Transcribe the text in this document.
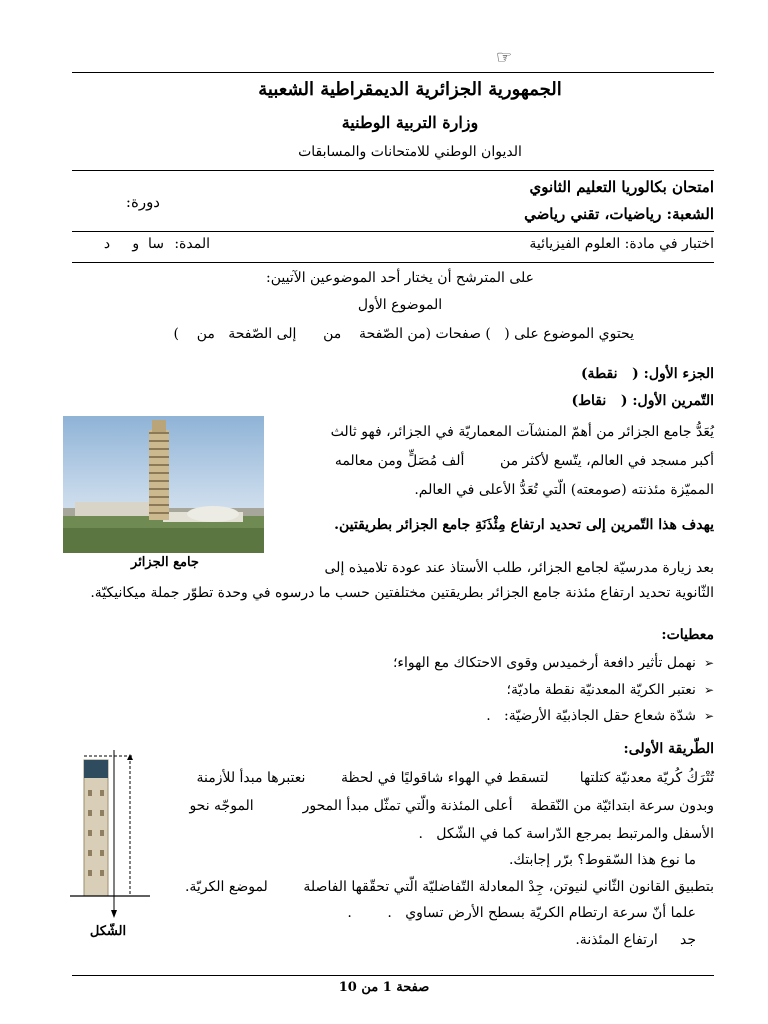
☞
الجمهورية الجزائرية الديمقراطية الشعبية
وزارة التربية الوطنية
الديوان الوطني للامتحانات والمسابقات
امتحان بكالوريا التعليم الثانوي
دورة:
الشعبة: رياضيات، تقني رياضي
اختبار في مادة: العلوم الفيزيائية
المدة:
سا  و     د
على المترشح أن يختار أحد الموضوعين الآتيين:
الموضوع الأول
يحتوي الموضوع على (   ) صفحات (من الصّفحة    من      إلى الصّفحة   من    )
الجزء الأول: (   نقطة)
التّمرين الأول: (   نقاط)
جامع الجزائر
يُعَدُّ جامع الجزائر من أهمّ المنشآت المعماريّة في الجزائر، فهو ثالث
أكبر مسجد في العالم، يتّسع لأكثر من        ألف مُصَلٍّ ومن معالمه
المميّزة مئذنته (صومعته) الّتي تُعَدُّ الأعلى في العالم.
يهدف هذا التّمرين إلى تحديد ارتفاع مِئْذَنَةِ جامع الجزائر بطريقتين.
بعد زيارة مدرسيّة لجامع الجزائر، طلب الأستاذ عند عودة تلاميذه إلى
الثّانوية تحديد ارتفاع مئذنة جامع الجزائر بطريقتين مختلفتين حسب ما درسوه في وحدة تطوّر جملة ميكانيكيّة.
معطيات:
➢نهمل تأثير دافعة أرخميدس وقوى الاحتكاك مع الهواء؛
➢نعتبر الكريّة المعدنيّة نقطة ماديّة؛
➢شدّة شعاع حقل الجاذبيّة الأرضيّة:   .
الطّريقة الأولى:
تُتْرَكُ كُريّة معدنيّة كتلتها       لتسقط في الهواء شاقوليًا في لحظة        نعتبرها مبدأ للأزمنة
وبدون سرعة ابتدائيّة من النّقطة    أعلى المئذنة والّتي تمثّل مبدأ المحور           الموجّه نحو
الأسفل والمرتبط بمرجع الدّراسة كما في الشّكل   .
ما نوع هذا السّقوط؟ برّر إجابتك.
بتطبيق القانون الثّاني لنيوتن، جِدْ المعادلة التّفاضليّة الّتي تحقّقها الفاصلة        لموضع الكريّة.
علما أنّ سرعة ارتطام الكريّة بسطح الأرض تساوي   .        .
جد     ارتفاع المئذنة.
الشّكل
صفحة 1 من 10
